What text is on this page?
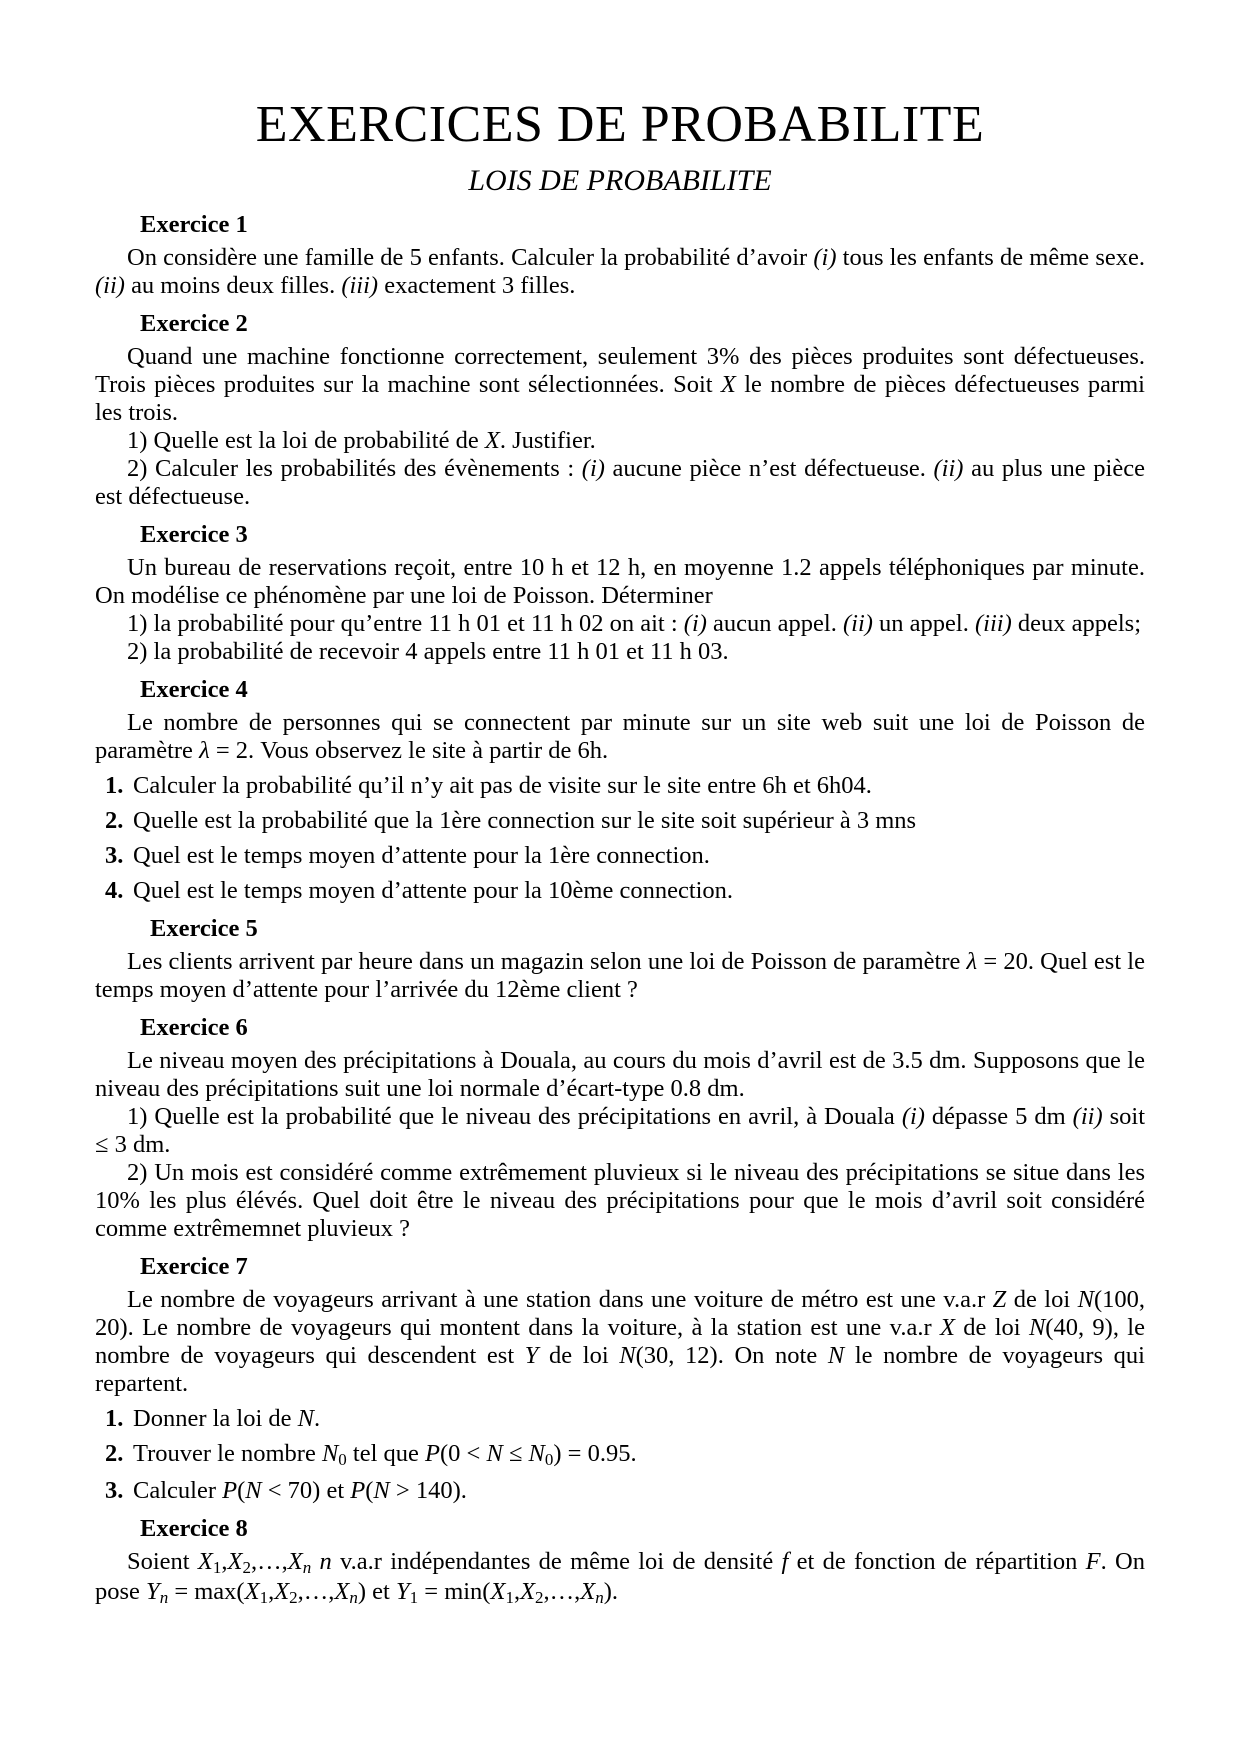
EXERCICES DE PROBABILITE
LOIS DE PROBABILITE
Exercice 1
On considère une famille de 5 enfants. Calculer la probabilité d’avoir (i) tous les enfants de même sexe. (ii) au moins deux filles. (iii) exactement 3 filles.
Exercice 2
Quand une machine fonctionne correctement, seulement 3% des pièces produites sont défectueuses. Trois pièces produites sur la machine sont sélectionnées. Soit X le nombre de pièces défectueuses parmi les trois.
1) Quelle est la loi de probabilité de X. Justifier.
2) Calculer les probabilités des évènements : (i) aucune pièce n’est défectueuse. (ii) au plus une pièce est défectueuse.
Exercice 3
Un bureau de reservations reçoit, entre 10 h et 12 h, en moyenne 1.2 appels téléphoniques par minute. On modélise ce phénomène par une loi de Poisson. Déterminer
1) la probabilité pour qu’entre 11 h 01 et 11 h 02 on ait : (i) aucun appel. (ii) un appel. (iii) deux appels;
2) la probabilité de recevoir 4 appels entre 11 h 01 et 11 h 03.
Exercice 4
Le nombre de personnes qui se connectent par minute sur un site web suit une loi de Poisson de paramètre λ = 2. Vous observez le site à partir de 6h.
1. Calculer la probabilité qu’il n’y ait pas de visite sur le site entre 6h et 6h04.
2. Quelle est la probabilité que la 1ère connection sur le site soit supérieur à 3 mns
3. Quel est le temps moyen d’attente pour la 1ère connection.
4. Quel est le temps moyen d’attente pour la 10ème connection.
Exercice 5
Les clients arrivent par heure dans un magazin selon une loi de Poisson de paramètre λ = 20. Quel est le temps moyen d’attente pour l’arrivée du 12ème client ?
Exercice 6
Le niveau moyen des précipitations à Douala, au cours du mois d’avril est de 3.5 dm. Supposons que le niveau des précipitations suit une loi normale d’écart-type 0.8 dm.
1) Quelle est la probabilité que le niveau des précipitations en avril, à Douala (i) dépasse 5 dm (ii) soit ≤ 3 dm.
2) Un mois est considéré comme extrêmement pluvieux si le niveau des précipitations se situe dans les 10% les plus élévés. Quel doit être le niveau des précipitations pour que le mois d’avril soit considéré comme extrêmemnet pluvieux ?
Exercice 7
Le nombre de voyageurs arrivant à une station dans une voiture de métro est une v.a.r Z de loi N(100, 20). Le nombre de voyageurs qui montent dans la voiture, à la station est une v.a.r X de loi N(40, 9), le nombre de voyageurs qui descendent est Y de loi N(30, 12). On note N le nombre de voyageurs qui repartent.
1. Donner la loi de N.
2. Trouver le nombre N0 tel que P(0 < N ≤ N0) = 0.95.
3. Calculer P(N < 70) et P(N > 140).
Exercice 8
Soient X1,X2,…,Xn n v.a.r indépendantes de même loi de densité f et de fonction de répartition F. On pose Yn = max(X1,X2,…,Xn) et Y1 = min(X1,X2,…,Xn).
